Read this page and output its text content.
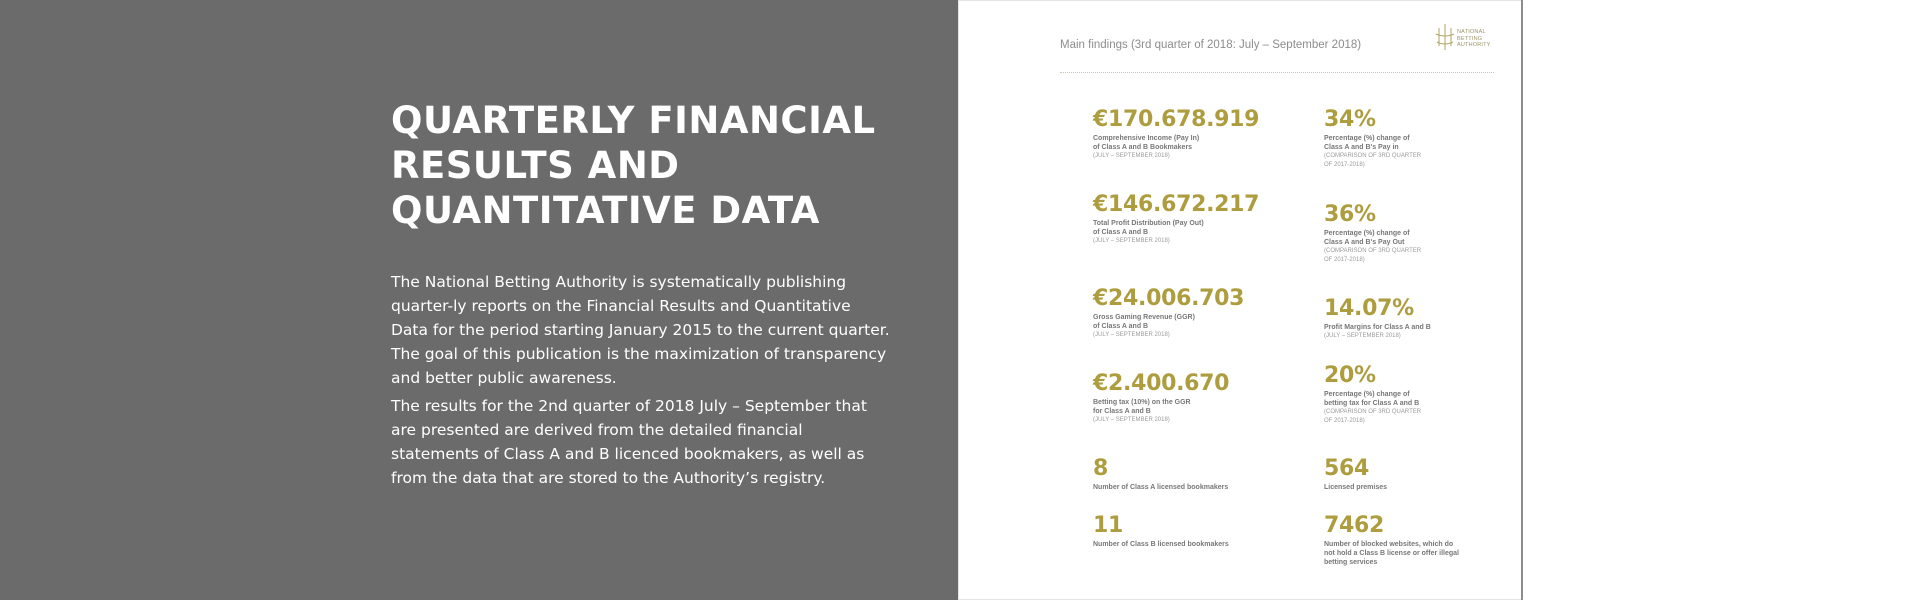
QUARTERLY FINANCIAL
RESULTS AND
QUANTITATIVE DATA

The National Betting Authority is systematically publishing quarter-ly reports on the Financial Results and Quantitative Data for the period starting January 2015 to the current quarter. The goal of this publication is the maximization of transparency and better public awareness.

The results for the 2nd quarter of 2018 July – September that are presented are derived from the detailed financial statements of Class A and B licenced bookmakers, as well as from the data that are stored to the Authority’s registry.

Main findings (3rd quarter of 2018: July – September 2018)
NATIONAL BETTING AUTHORITY
€170.678.919
Comprehensive Income (Pay In)
of Class A and B Bookmakers
(JULY – SEPTEMBER 2018)
34%
Percentage (%) change of
Class A and B's Pay in
(COMPARISON OF 3RD QUARTER
OF 2017-2018)
€146.672.217
Total Profit Distribution (Pay Out)
of Class A and B
(JULY – SEPTEMBER 2018)
36%
Percentage (%) change of
Class A and B's Pay Out
(COMPARISON OF 3RD QUARTER
OF 2017-2018)
€24.006.703
Gross Gaming Revenue (GGR)
of Class A and B
(JULY – SEPTEMBER 2018)
14.07%
Profit Margins for Class A and B
(JULY – SEPTEMBER 2018)
€2.400.670
Betting tax (10%) on the GGR
for Class A and B
(JULY – SEPTEMBER 2018)
20%
Percentage (%) change of
betting tax for Class A and B
(COMPARISON OF 3RD QUARTER
OF 2017-2018)
8
Number of Class A licensed bookmakers
564
Licensed premises
11
Number of Class B licensed bookmakers
7462
Number of blocked websites, which do
not hold a Class B license or offer illegal
betting services
